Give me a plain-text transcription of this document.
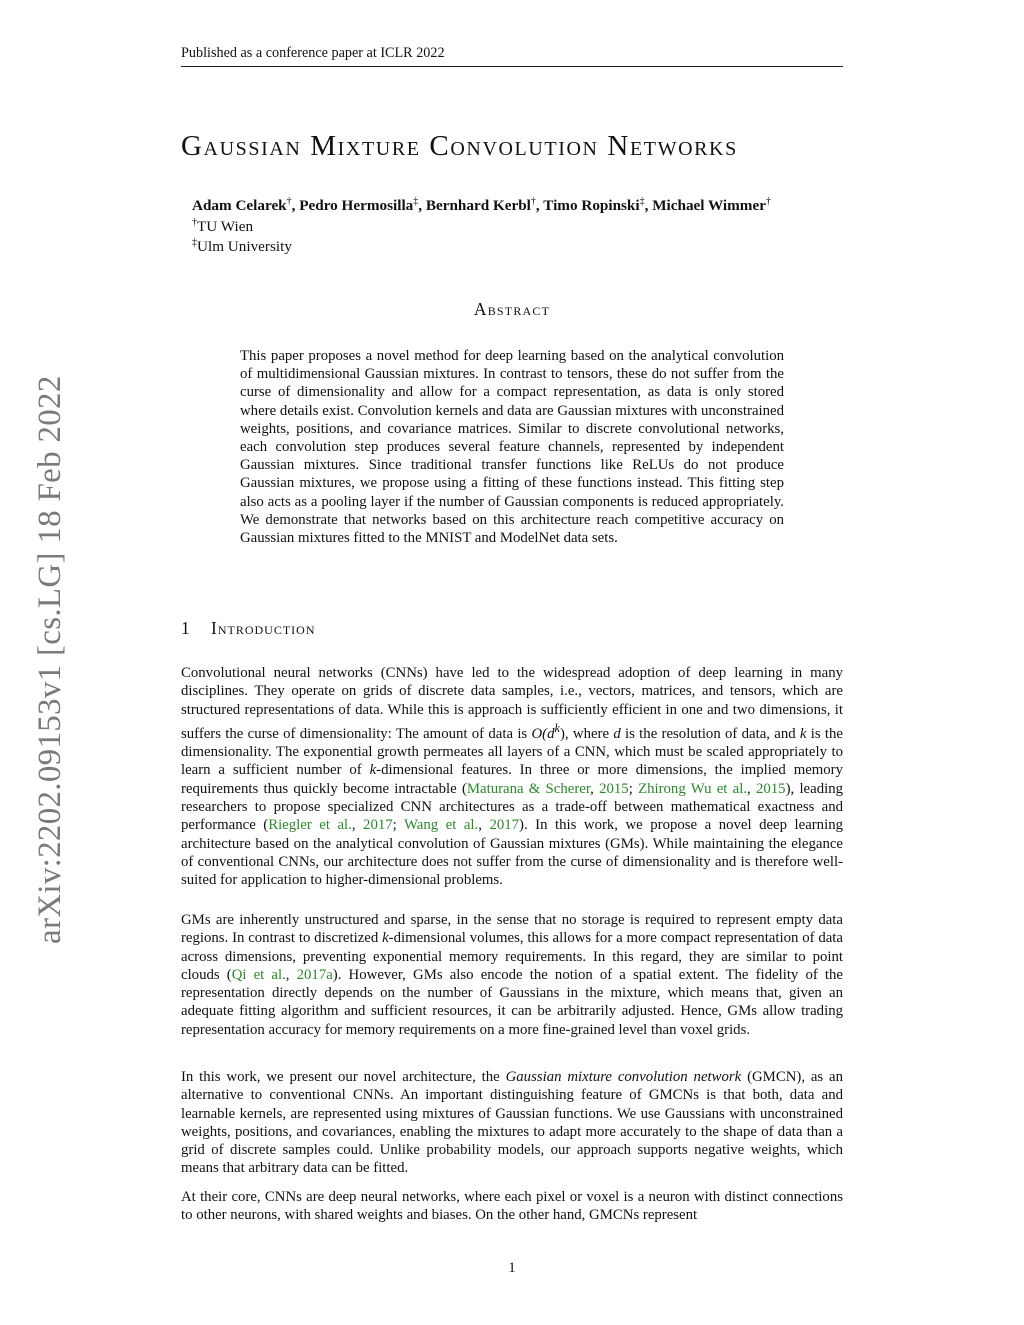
Published as a conference paper at ICLR 2022
arXiv:2202.09153v1 [cs.LG] 18 Feb 2022
Gaussian Mixture Convolution Networks
Adam Celarek†, Pedro Hermosilla‡, Bernhard Kerbl†, Timo Ropinski‡, Michael Wimmer†
†TU Wien
‡Ulm University
Abstract
This paper proposes a novel method for deep learning based on the analytical convolution of multidimensional Gaussian mixtures. In contrast to tensors, these do not suffer from the curse of dimensionality and allow for a compact representation, as data is only stored where details exist. Convolution kernels and data are Gaussian mixtures with unconstrained weights, positions, and covariance matrices. Similar to discrete convolutional networks, each convolution step produces several feature channels, represented by independent Gaussian mixtures. Since traditional transfer functions like ReLUs do not produce Gaussian mixtures, we propose using a fitting of these functions instead. This fitting step also acts as a pooling layer if the number of Gaussian components is reduced appropriately. We demonstrate that networks based on this architecture reach competitive accuracy on Gaussian mixtures fitted to the MNIST and ModelNet data sets.
1 Introduction

Convolutional neural networks (CNNs) have led to the widespread adoption of deep learning in many disciplines. They operate on grids of discrete data samples, i.e., vectors, matrices, and tensors, which are structured representations of data. While this is approach is sufficiently efficient in one and two dimensions, it suffers the curse of dimensionality: The amount of data is $O(d^k)$, where d is the resolution of data, and k is the dimensionality. The exponential growth permeates all layers of a CNN, which must be scaled appropriately to learn a sufficient number of k-dimensional features. In three or more dimensions, the implied memory requirements thus quickly become intractable (Maturana & Scherer, 2015; Zhirong Wu et al., 2015), leading researchers to propose specialized CNN architectures as a trade-off between mathematical exactness and performance (Riegler et al., 2017; Wang et al., 2017). In this work, we propose a novel deep learning architecture based on the analytical convolution of Gaussian mixtures (GMs). While maintaining the elegance of conventional CNNs, our architecture does not suffer from the curse of dimensionality and is therefore well-suited for application to higher-dimensional problems.

GMs are inherently unstructured and sparse, in the sense that no storage is required to represent empty data regions. In contrast to discretized k-dimensional volumes, this allows for a more compact representation of data across dimensions, preventing exponential memory requirements. In this regard, they are similar to point clouds (Qi et al., 2017a). However, GMs also encode the notion of a spatial extent. The fidelity of the representation directly depends on the number of Gaussians in the mixture, which means that, given an adequate fitting algorithm and sufficient resources, it can be arbitrarily adjusted. Hence, GMs allow trading representation accuracy for memory requirements on a more fine-grained level than voxel grids.

In this work, we present our novel architecture, the Gaussian mixture convolution network (GMCN), as an alternative to conventional CNNs. An important distinguishing feature of GMCNs is that both, data and learnable kernels, are represented using mixtures of Gaussian functions. We use Gaussians with unconstrained weights, positions, and covariances, enabling the mixtures to adapt more accurately to the shape of data than a grid of discrete samples could. Unlike probability models, our approach supports negative weights, which means that arbitrary data can be fitted.

At their core, CNNs are deep neural networks, where each pixel or voxel is a neuron with distinct connections to other neurons, with shared weights and biases. On the other hand, GMCNs represent

1
